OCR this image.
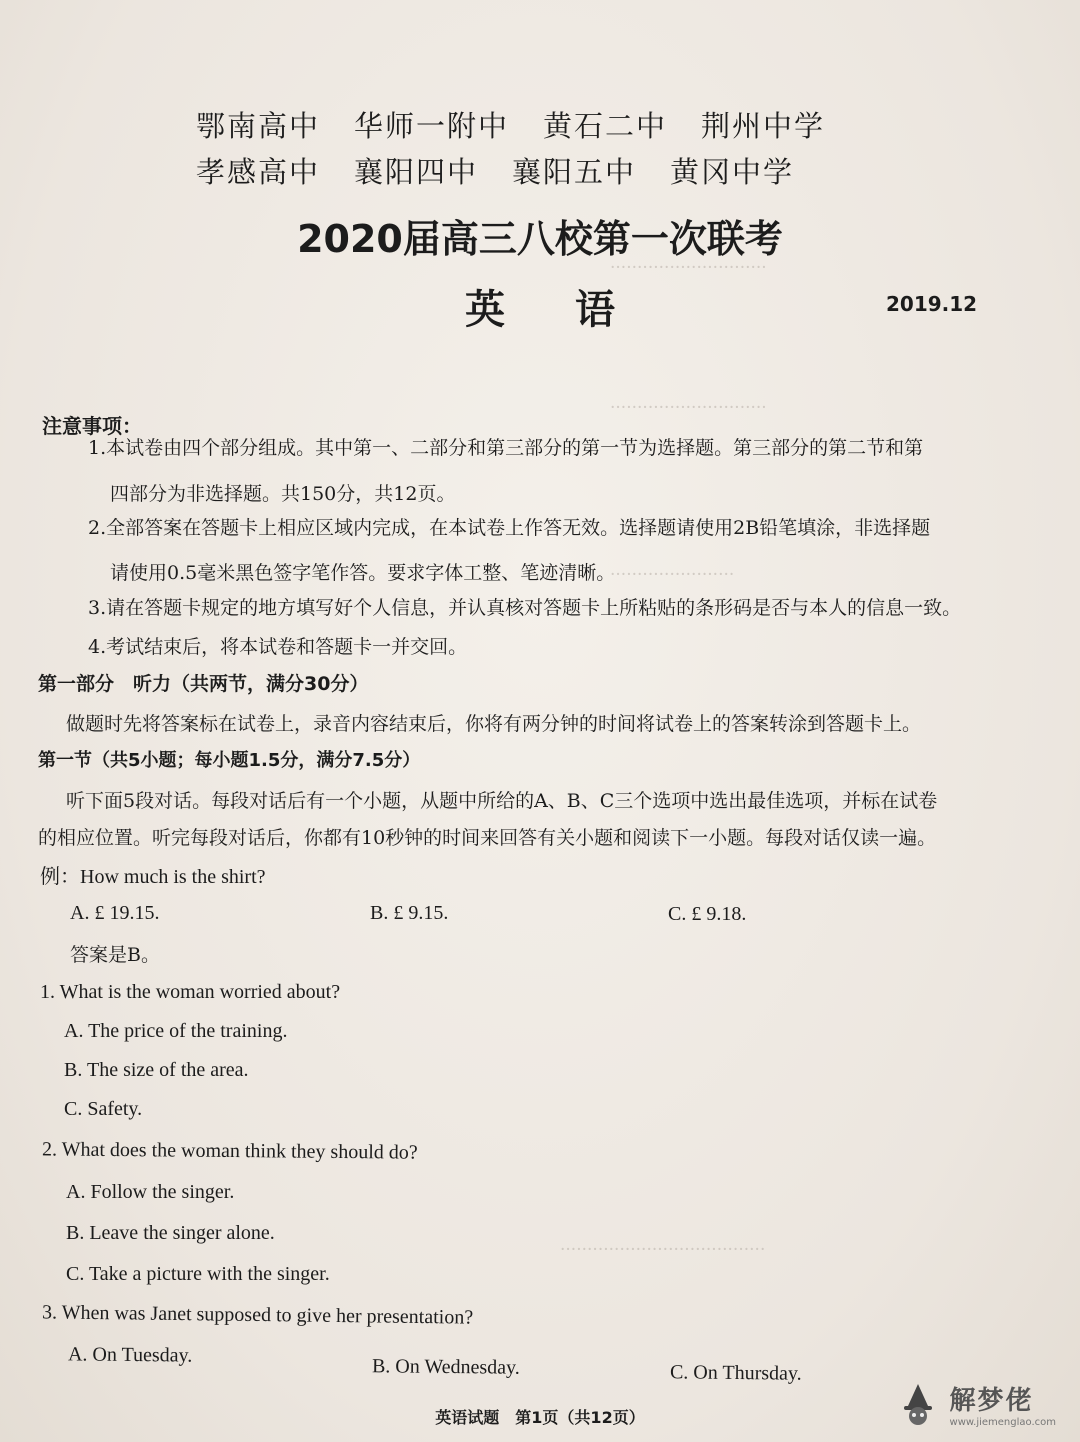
·····························
·····························
·······················
······································
鄂南高中 华师一附中 黄石二中 荆州中学
孝感高中 襄阳四中 襄阳五中 黄冈中学
2020届高三八校第一次联考
英语	2019.12
注意事项：
1.本试卷由四个部分组成。其中第一、二部分和第三部分的第一节为选择题。第三部分的第二节和第
四部分为非选择题。共150分，共12页。
2.全部答案在答题卡上相应区域内完成，在本试卷上作答无效。选择题请使用2B铅笔填涂，非选择题
请使用0.5毫米黑色签字笔作答。要求字体工整、笔迹清晰。
3.请在答题卡规定的地方填写好个人信息，并认真核对答题卡上所粘贴的条形码是否与本人的信息一致。
4.考试结束后，将本试卷和答题卡一并交回。
第一部分　听力（共两节，满分30分）
做题时先将答案标在试卷上，录音内容结束后，你将有两分钟的时间将试卷上的答案转涂到答题卡上。
第一节（共5小题；每小题1.5分，满分7.5分）
听下面5段对话。每段对话后有一个小题，从题中所给的A、B、C三个选项中选出最佳选项，并标在试卷
的相应位置。听完每段对话后，你都有10秒钟的时间来回答有关小题和阅读下一小题。每段对话仅读一遍。
例：How much is the shirt?
A. £ 19.15.	B. £ 9.15.	C. £ 9.18.
答案是B。
1. What is the woman worried about?
A. The price of the training.
B. The size of the area.
C. Safety.
2. What does the woman think they should do?
A. Follow the singer.
B. Leave the singer alone.
C. Take a picture with the singer.
3. When was Janet supposed to give her presentation?
A. On Tuesday.
B. On Wednesday.	C. On Thursday.
英语试题　第1页（共12页）
解梦佬
www.jiemenglao.com
